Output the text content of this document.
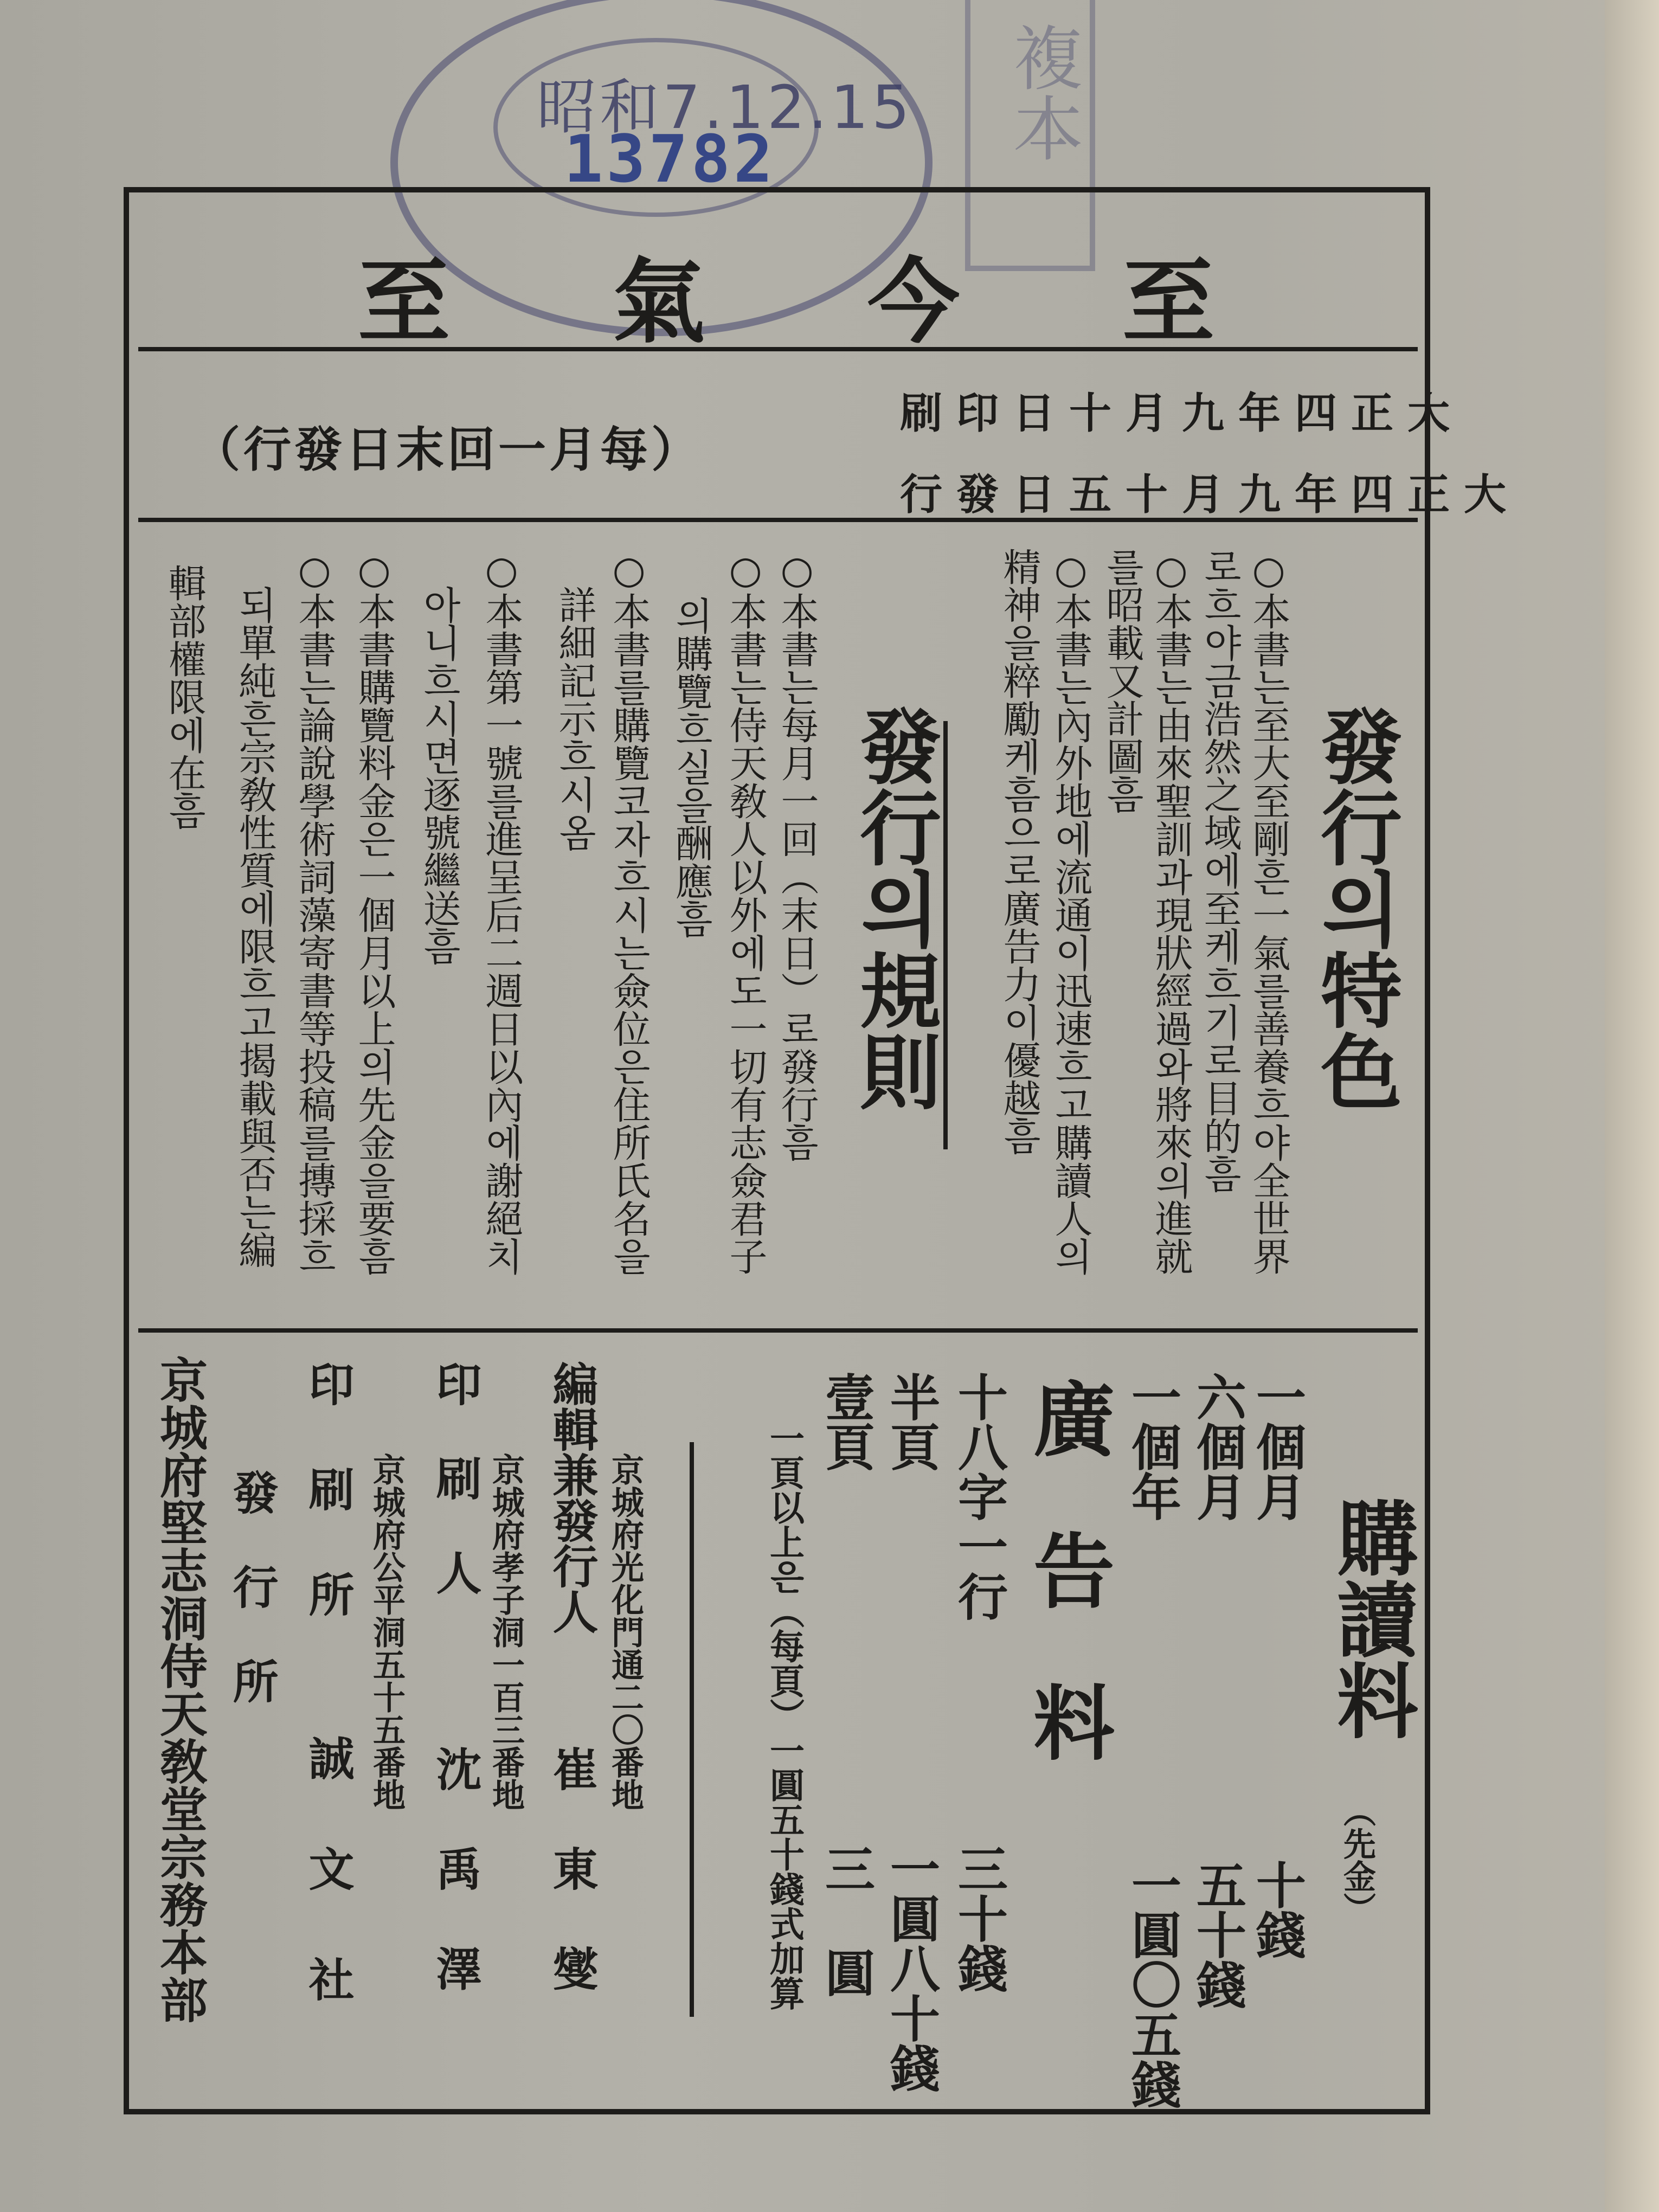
昭和7.12.15
13782	複本
至 氣 今 至
大正四年九月十日印刷
大正四年九月十五日發行
（每月一回末日發行）
發行의特色
○本書는至大至剛흔一氣를善養흐야全世界
로흐야금浩然之域에至케흐기로目的흠
○本書는由來聖訓과現狀經過와將來의進就
를昭載又計圖흠
○本書는內外地에流通이迅速흐고購讀人의
精神을粹勵케흠으로廣告力이優越흠
發行의規則
○本書는每月一回（末日）로發行흠
○本書는侍天敎人以外에도一切有志僉君子
의購覽흐실을酬應흠
○本書를購覽코자흐시는僉位은住所氏名을
詳細記示흐시옴
○本書第一號를進呈后二週日以內에謝絕치
아니흐시면逐號繼送흠
○本書購覽料金은一個月以上의先金을要흠
○本書는論說學術詞藻寄書等投稿를摶採흐
되單純흔宗敎性質에限흐고揭載與否는編
輯部權限에在흠
購讀料
（先金）
一個月
十錢
六個月
五十錢
一個年
一圓〇五錢
廣告料
十八字一行
三十錢
半頁
一圓八十錢
壹頁
三圓
一頁以上은（每頁）一圓五十錢式加算
京城府光化門通二〇番地
編輯兼發行人
崔東燮
京城府孝子洞一百三番地
印刷人
沈禹澤
京城府公平洞五十五番地
印刷所
誠文社
發行所
京城府堅志洞侍天敎堂宗務本部
